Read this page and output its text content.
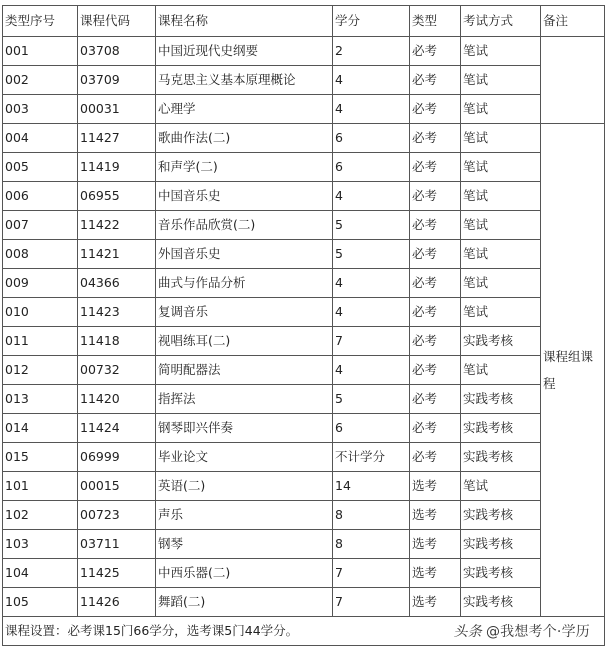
类型序号	课程代码	课程名称	学分	类型	考试方式	备注
001	03708	中国近现代史纲要	2	必考	笔试	
002	03709	马克思主义基本原理概论	4	必考	笔试	
003	00031	心理学	4	必考	笔试	
004	11427	歌曲作法(二)	6	必考	笔试	课程组课程

005	11419	和声学(二)	6	必考	笔试	
006	06955	中国音乐史	4	必考	笔试	
007	11422	音乐作品欣赏(二)	5	必考	笔试	
008	11421	外国音乐史	5	必考	笔试	
009	04366	曲式与作品分析	4	必考	笔试	
010	11423	复调音乐	4	必考	笔试	
011	11418	视唱练耳(二)	7	必考	实践考核	
012	00732	简明配器法	4	必考	笔试	
013	11420	指挥法	5	必考	实践考核	
014	11424	钢琴即兴伴奏	6	必考	实践考核	
015	06999	毕业论文	不计学分	必考	实践考核	
101	00015	英语(二)	14	选考	笔试	
102	00723	声乐	8	选考	实践考核	
103	03711	钢琴	8	选考	实践考核	
104	11425	中西乐器(二)	7	选考	实践考核	
105	11426	舞蹈(二)	7	选考	实践考核	
课程设置：必考课15门66学分，选考课5门44学分。							头条 @我想考个·学历
